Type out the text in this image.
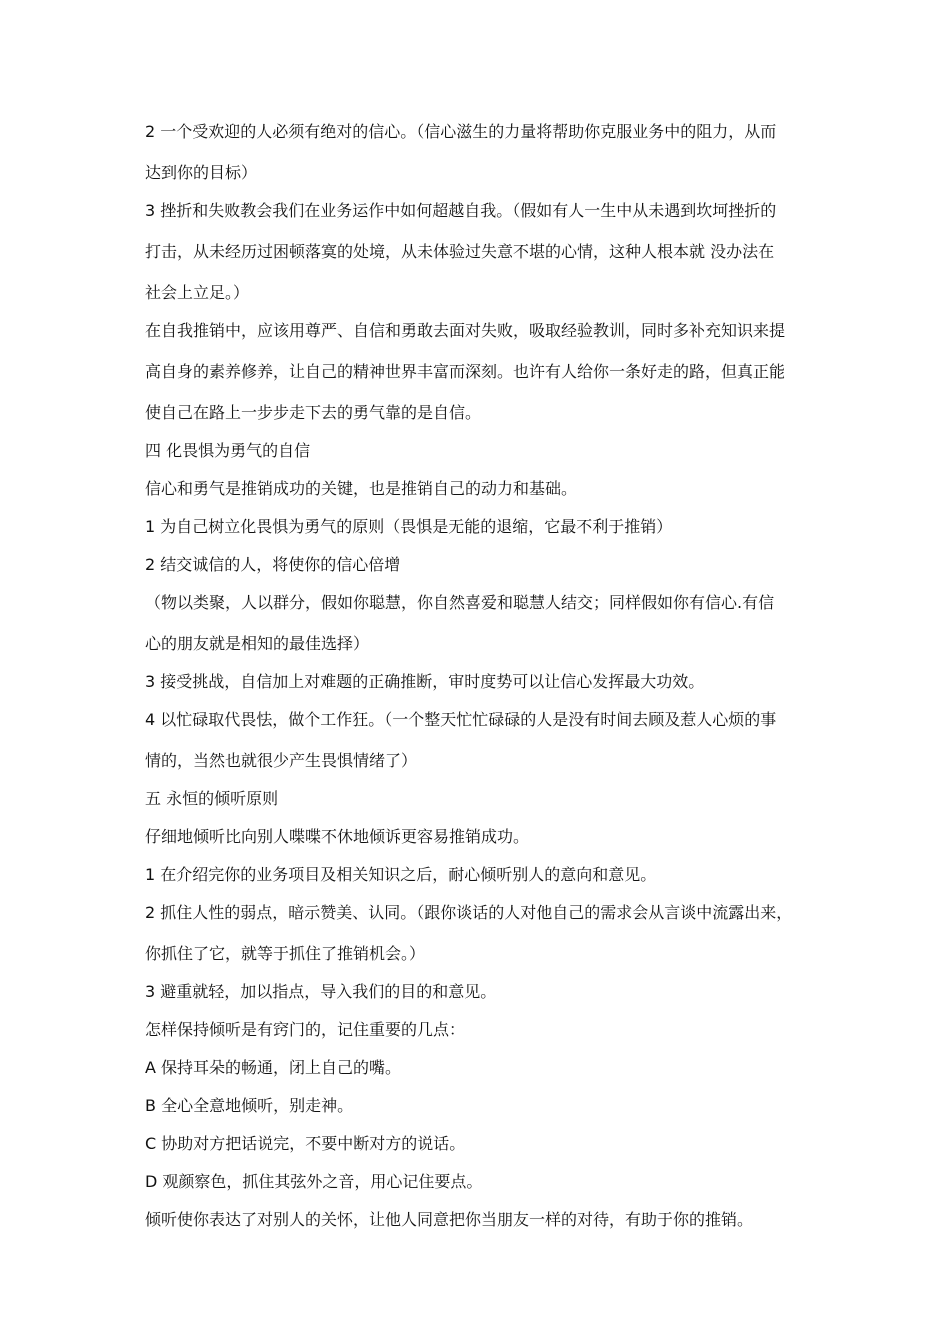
2 一个受欢迎的人必须有绝对的信心。（信心滋生的力量将帮助你克服业务中的阻力，从而
达到你的目标）
3 挫折和失败教会我们在业务运作中如何超越自我。（假如有人一生中从未遇到坎坷挫折的
打击，从未经历过困顿落寞的处境，从未体验过失意不堪的心情，这种人根本就 没办法在
社会上立足。）
在自我推销中，应该用尊严、自信和勇敢去面对失败，吸取经验教训，同时多补充知识来提
高自身的素养修养，让自己的精神世界丰富而深刻。也许有人给你一条好走的路，但真正能
使自己在路上一步步走下去的勇气靠的是自信。
四 化畏惧为勇气的自信
信心和勇气是推销成功的关键，也是推销自己的动力和基础。
1 为自己树立化畏惧为勇气的原则（畏惧是无能的退缩，它最不利于推销）
2 结交诚信的人，将使你的信心倍增
（物以类聚，人以群分，假如你聪慧，你自然喜爱和聪慧人结交；同样假如你有信心.有信
心的朋友就是相知的最佳选择）
3 接受挑战，自信加上对难题的正确推断，审时度势可以让信心发挥最大功效。
4 以忙碌取代畏怯，做个工作狂。（一个整天忙忙碌碌的人是没有时间去顾及惹人心烦的事
情的，当然也就很少产生畏惧情绪了）
五 永恒的倾听原则
仔细地倾听比向别人喋喋不休地倾诉更容易推销成功。
1 在介绍完你的业务项目及相关知识之后，耐心倾听别人的意向和意见。
2 抓住人性的弱点，暗示赞美、认同。（跟你谈话的人对他自己的需求会从言谈中流露出来，
你抓住了它，就等于抓住了推销机会。）
3 避重就轻，加以指点，导入我们的目的和意见。
怎样保持倾听是有窍门的，记住重要的几点：
A 保持耳朵的畅通，闭上自己的嘴。
B 全心全意地倾听，别走神。
C 协助对方把话说完，不要中断对方的说话。
D 观颜察色，抓住其弦外之音，用心记住要点。
倾听使你表达了对别人的关怀，让他人同意把你当朋友一样的对待，有助于你的推销。
